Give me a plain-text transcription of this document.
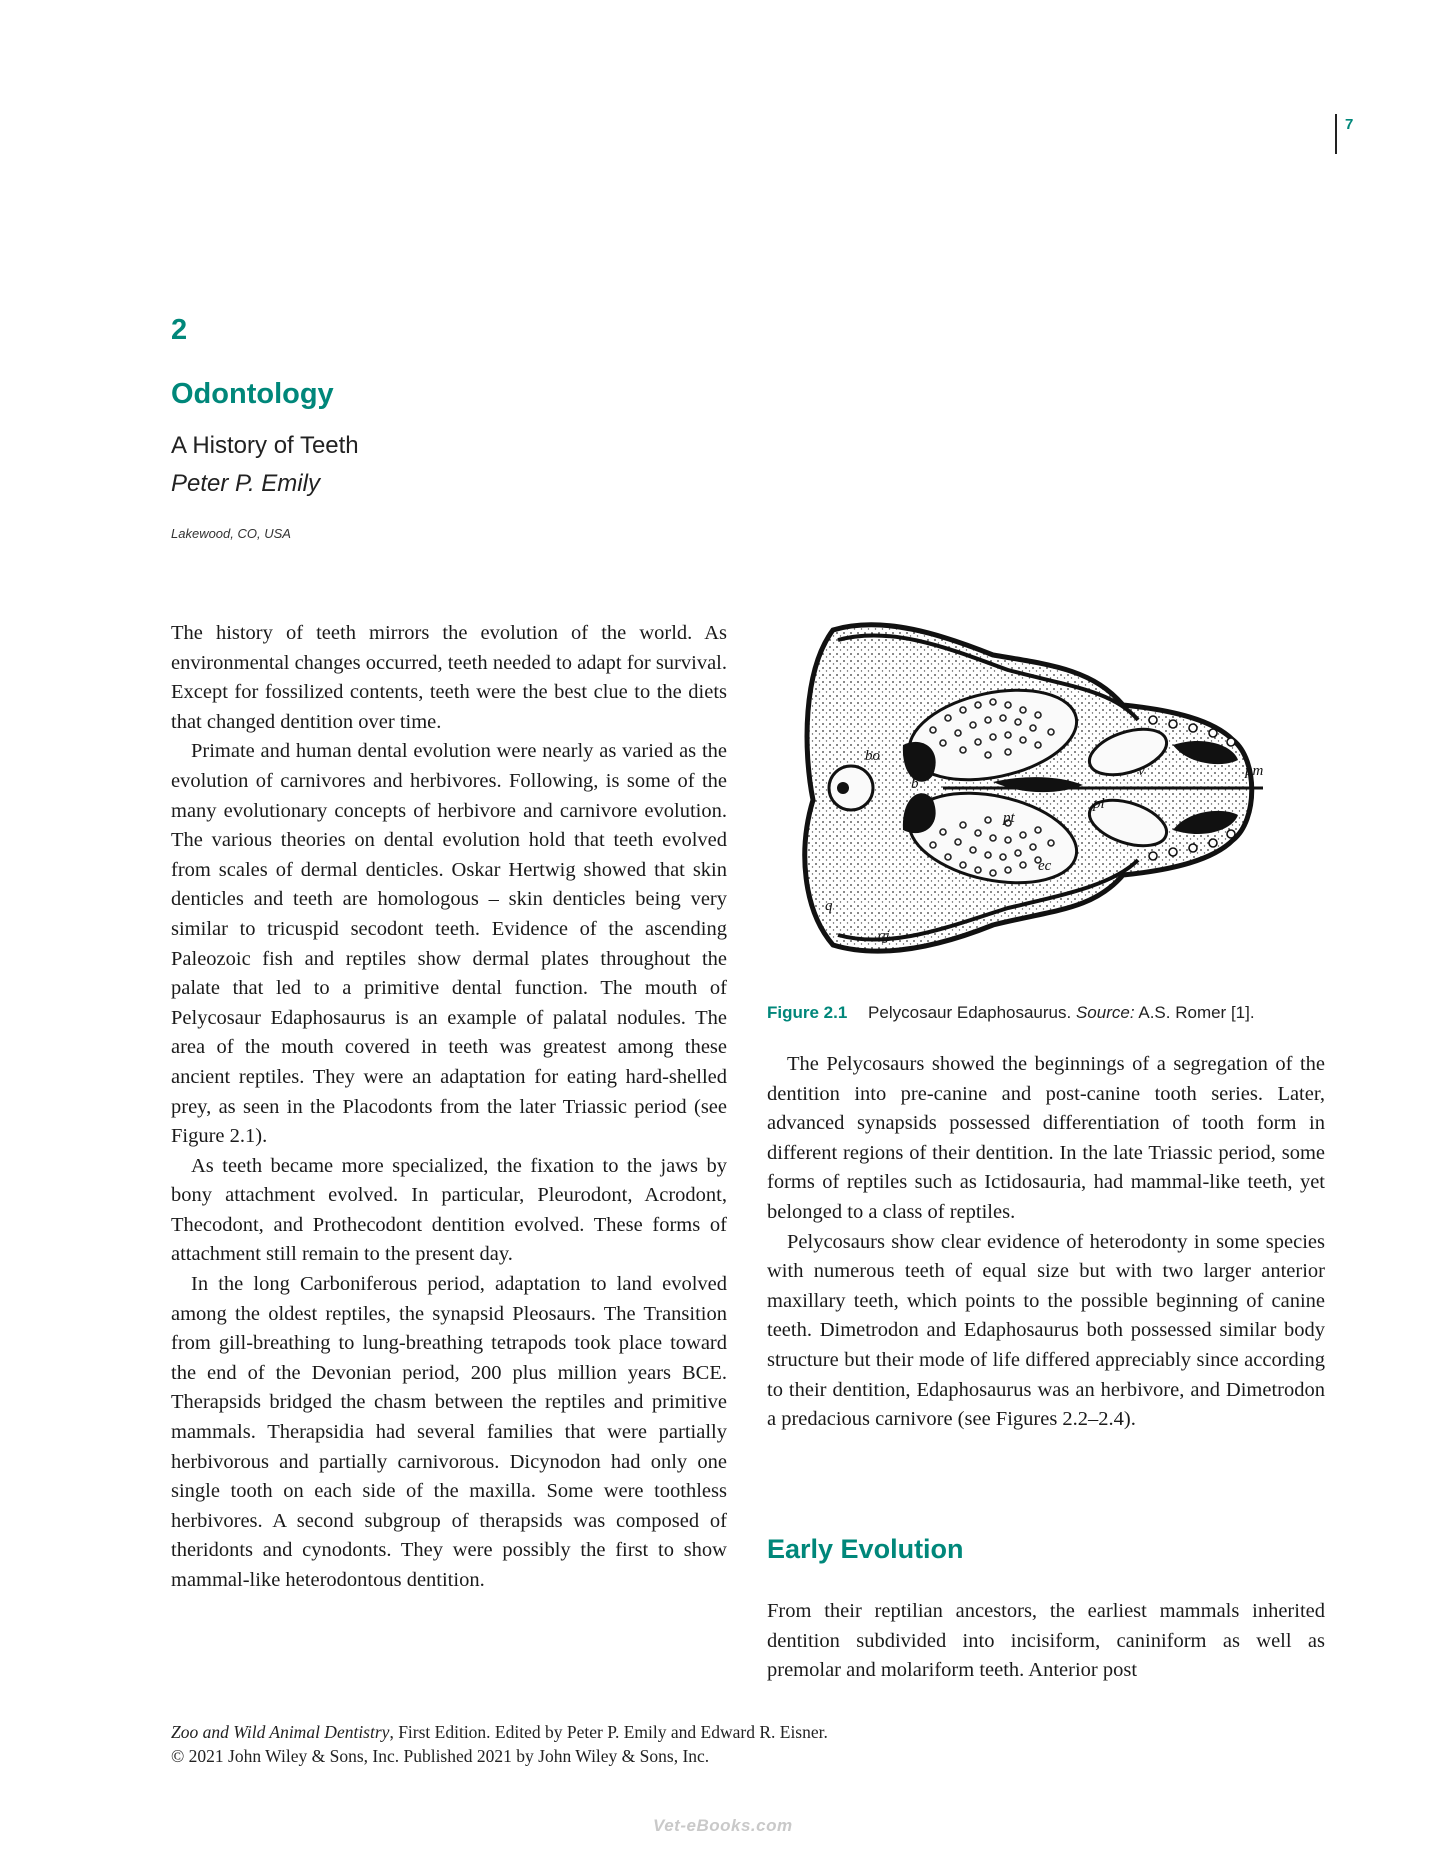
7
2
Odontology
A History of Teeth
Peter P. Emily
Lakewood, CO, USA

The history of teeth mirrors the evolution of the world. As environmental changes occurred, teeth needed to adapt for survival. Except for fossilized contents, teeth were the best clue to the diets that changed dentition over time.

Primate and human dental evolution were nearly as varied as the evolution of carnivores and herbivores. Following, is some of the many evolutionary concepts of herbivore and carnivore evolution. The various theories on dental evolution hold that teeth evolved from scales of dermal denticles. Oskar Hertwig showed that skin denticles and teeth are homologous – skin denticles being very similar to tricuspid secodont teeth. Evidence of the ascending Paleozoic fish and reptiles show dermal plates throughout the palate that led to a primitive dental function. The mouth of Pelycosaur Edaphosaurus is an example of palatal nodules. The area of the mouth covered in teeth was greatest among these ancient reptiles. They were an adaptation for eating hard-shelled prey, as seen in the Placodonts from the later Triassic period (see Figure 2.1).

As teeth became more specialized, the fixation to the jaws by bony attachment evolved. In particular, Pleurodont, Acrodont, Thecodont, and Prothecodont dentition evolved. These forms of attachment still remain to the present day.

In the long Carboniferous period, adaptation to land evolved among the oldest reptiles, the synapsid Pleosaurs. The Transition from gill-breathing to lung-breathing tetrapods took place toward the end of the Devonian period, 200 plus million years BCE. Therapsids bridged the chasm between the reptiles and primitive mammals. Therapsidia had several families that were partially herbivorous and partially carnivorous. Dicynodon had only one single tooth on each side of the maxilla. Some were toothless herbivores. A second subgroup of therapsids was composed of theridonts and cynodonts. They were possibly the first to show mammal-like heterodontous dentition.

bo
b
pl
v	pm
pt
ec
q
qj
Figure 2.1 Pelycosaur Edaphosaurus. Source: A.S. Romer [1].

The Pelycosaurs showed the beginnings of a segregation of the dentition into pre-canine and post-canine tooth series. Later, advanced synapsids possessed differentiation of tooth form in different regions of their dentition. In the late Triassic period, some forms of reptiles such as Ictidosauria, had mammal-like teeth, yet belonged to a class of reptiles.

Pelycosaurs show clear evidence of heterodonty in some species with numerous teeth of equal size but with two larger anterior maxillary teeth, which points to the possible beginning of canine teeth. Dimetrodon and Edaphosaurus both possessed similar body structure but their mode of life differed appreciably since according to their dentition, Edaphosaurus was an herbivore, and Dimetrodon a predacious carnivore (see Figures 2.2–2.4).

Early Evolution

From their reptilian ancestors, the earliest mammals inherited dentition subdivided into incisiform, caniniform as well as premolar and molariform teeth. Anterior post

Zoo and Wild Animal Dentistry, First Edition. Edited by Peter P. Emily and Edward R. Eisner.
© 2021 John Wiley & Sons, Inc. Published 2021 by John Wiley & Sons, Inc.
Vet-eBooks.com
